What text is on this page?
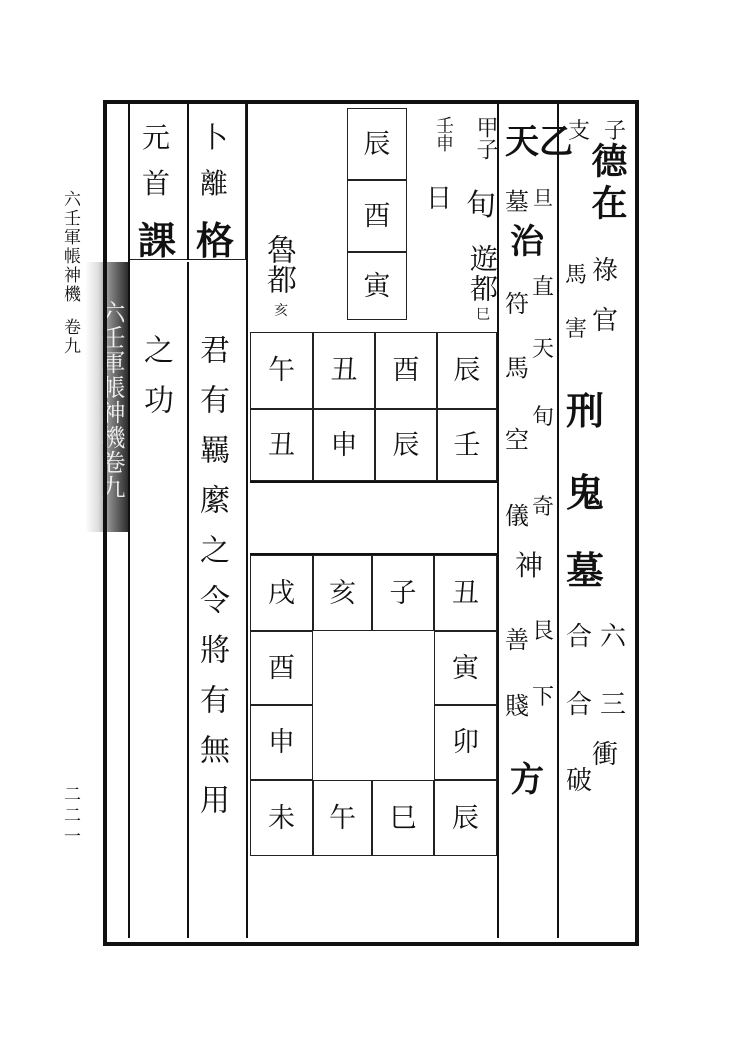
六壬軍帳神機
卷九
二二一
六壬軍帳神機卷九
子
支
德在
祿
馬
官
害
刑
鬼
墓
合 六
合 三
衝
破
天乙
墓 旦
治
直
符
天
馬
旬
空
奇
儀
神
艮
善
下
賤
方
甲子
旬
遊都
巳
壬申
日
辰
酉
寅
魯都
亥
午 丑 酉 辰
丑 申 辰 壬
戌 亥 子 丑
酉
申
寅
卯
未 午 巳 辰
卜
離
格
元
首
課
君有羈縻之令將有無用
之功
